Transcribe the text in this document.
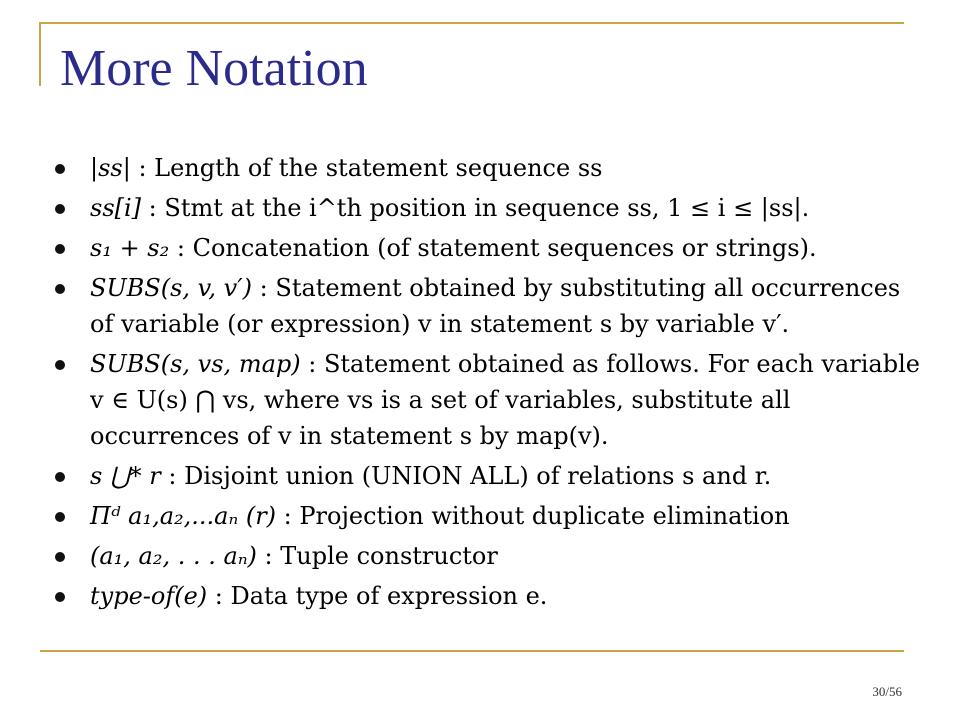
More Notation
|ss| : Length of the statement sequence ss
ss[i] : Stmt at the i^th position in sequence ss, 1 ≤ i ≤ |ss|.
s₁ + s₂ : Concatenation (of statement sequences or strings).
SUBS(s, v, v′) : Statement obtained by substituting all occurrences of variable (or expression) v in statement s by variable v′.
SUBS(s, vs, map) : Statement obtained as follows. For each variable v ∈ U(s) ⋂ vs, where vs is a set of variables, substitute all occurrences of v in statement s by map(v).
s ⋃* r : Disjoint union (UNION ALL) of relations s and r.
Πᵈ a₁,a₂,...aₙ (r) : Projection without duplicate elimination
(a₁, a₂, . . . aₙ) : Tuple constructor
type-of(e) : Data type of expression e.
30/56
